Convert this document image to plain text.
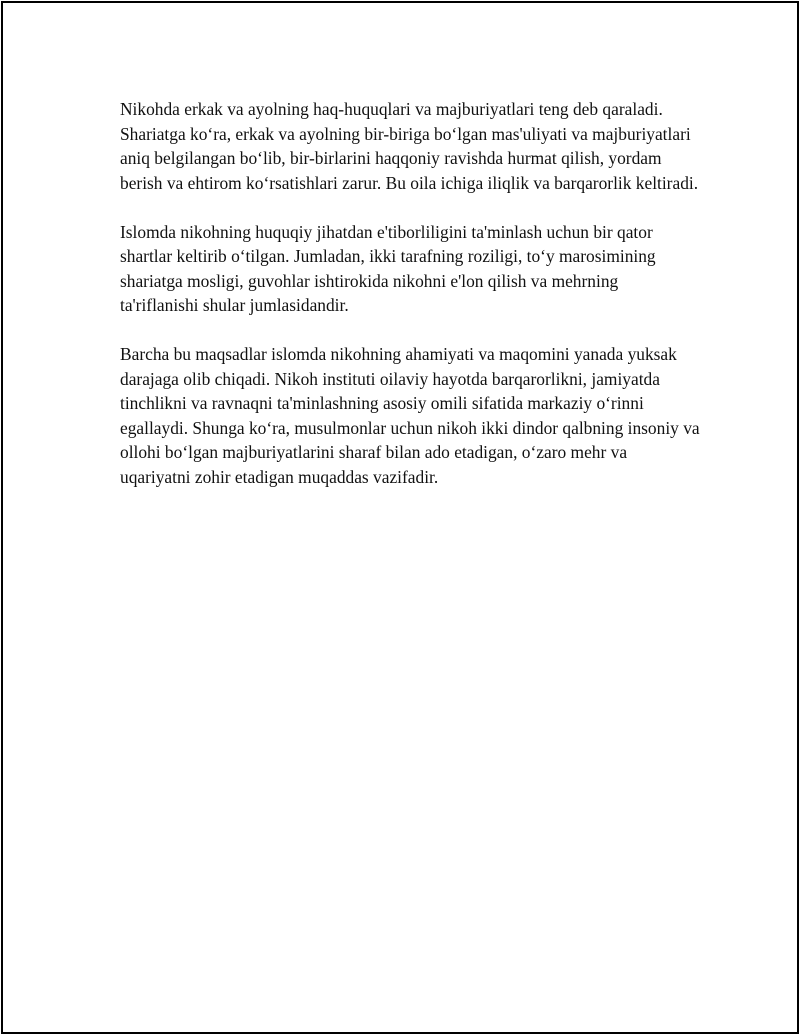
Nikohda erkak va ayolning haq-huquqlari va majburiyatlari teng deb qaraladi. Shariatga ko‘ra, erkak va ayolning bir-biriga bo‘lgan mas'uliyati va majburiyatlari aniq belgilangan bo‘lib, bir-birlarini haqqoniy ravishda hurmat qilish, yordam berish va ehtirom ko‘rsatishlari zarur. Bu oila ichiga iliqlik va barqarorlik keltiradi.

Islomda nikohning huquqiy jihatdan e'tiborliligini ta'minlash uchun bir qator shartlar keltirib o‘tilgan. Jumladan, ikki tarafning roziligi, to‘y marosimining shariatga mosligi, guvohlar ishtirokida nikohni e'lon qilish va mehrning ta'riflanishi shular jumlasidandir.

Barcha bu maqsadlar islomda nikohning ahamiyati va maqomini yanada yuksak darajaga olib chiqadi. Nikoh instituti oilaviy hayotda barqarorlikni, jamiyatda tinchlikni va ravnaqni ta'minlashning asosiy omili sifatida markaziy o‘rinni egallaydi. Shunga ko‘ra, musulmonlar uchun nikoh ikki dindor qalbning insoniy va ollohi bo‘lgan majburiyatlarini sharaf bilan ado etadigan, o‘zaro mehr va uqariyatni zohir etadigan muqaddas vazifadir.
